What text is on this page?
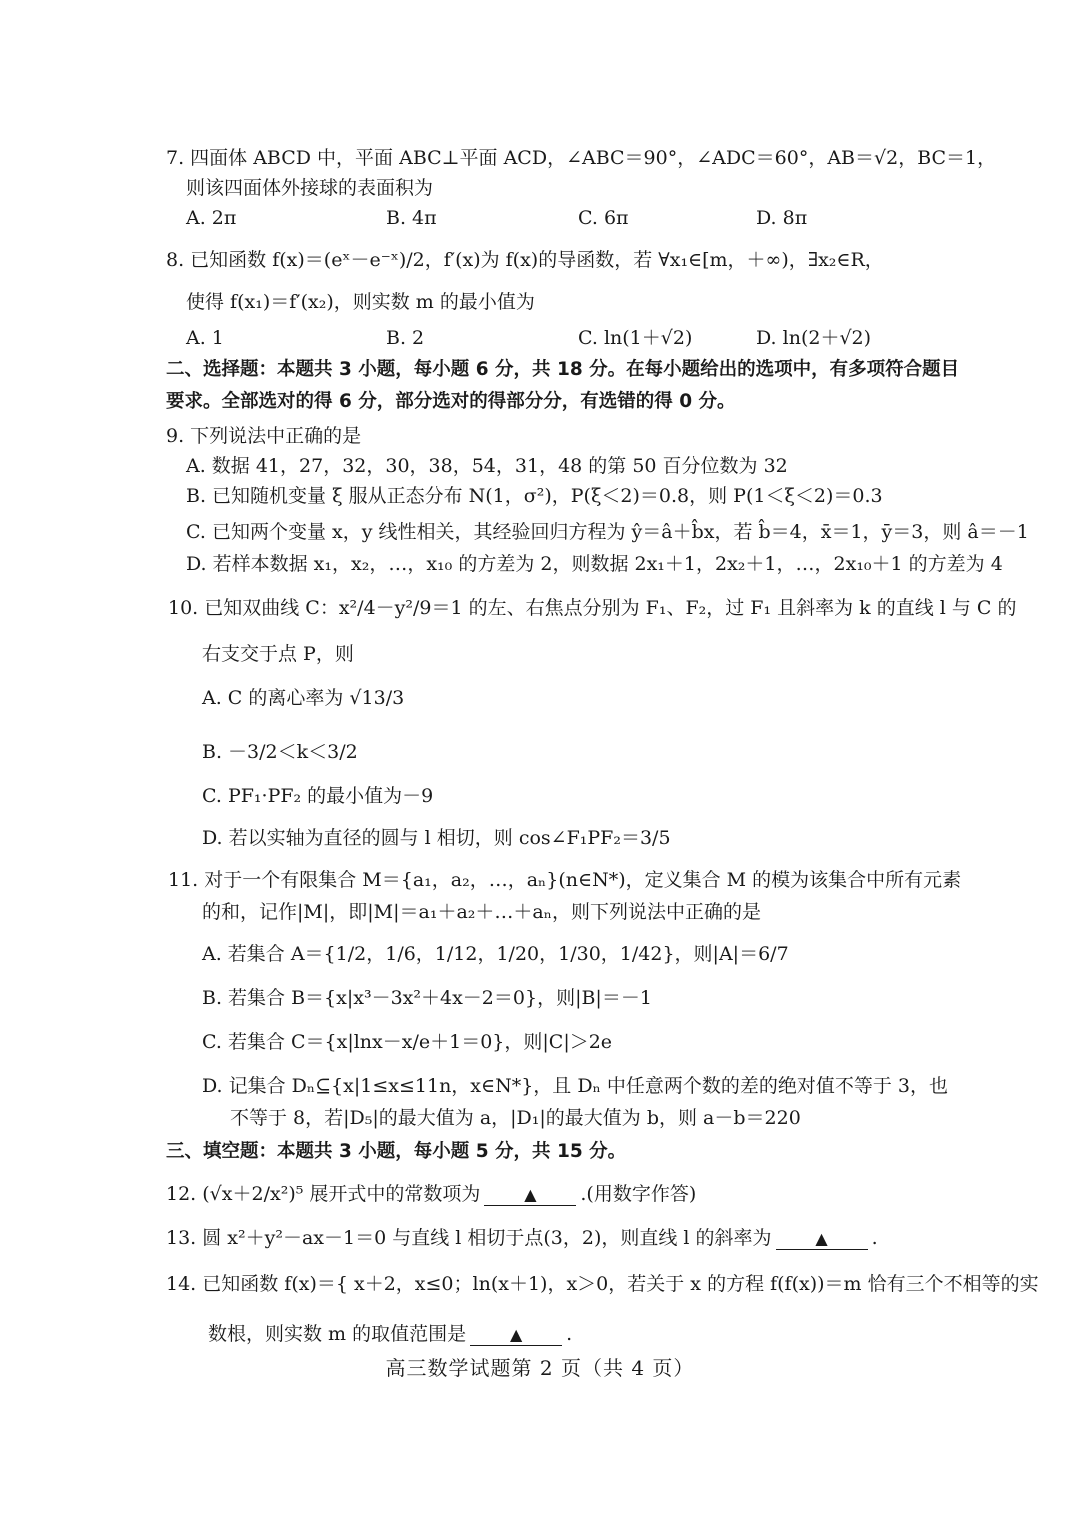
7. 四面体 ABCD 中，平面 ABC⊥平面 ACD，∠ABC＝90°，∠ADC＝60°，AB＝√2，BC＝1，
则该四面体外接球的表面积为
A. 2π	B. 4π	C. 6π	D. 8π
8. 已知函数 f(x)＝(eˣ－e⁻ˣ)/2，f′(x)为 f(x)的导函数，若 ∀x₁∈[m，＋∞)，∃x₂∈R，
使得 f(x₁)＝f′(x₂)，则实数 m 的最小值为
A. 1	B. 2	C. ln(1＋√2)	D. ln(2＋√2)
二、选择题：本题共 3 小题，每小题 6 分，共 18 分。在每小题给出的选项中，有多项符合题目
要求。全部选对的得 6 分，部分选对的得部分分，有选错的得 0 分。
9. 下列说法中正确的是
A. 数据 41，27，32，30，38，54，31，48 的第 50 百分位数为 32
B. 已知随机变量 ξ 服从正态分布 N(1，σ²)，P(ξ＜2)＝0.8，则 P(1＜ξ＜2)＝0.3
C. 已知两个变量 x，y 线性相关，其经验回归方程为 ŷ＝â＋b̂x，若 b̂＝4，x̄＝1，ȳ＝3，则 â＝－1
D. 若样本数据 x₁，x₂，…，x₁₀ 的方差为 2，则数据 2x₁＋1，2x₂＋1，…，2x₁₀＋1 的方差为 4
10. 已知双曲线 C：x²/4－y²/9＝1 的左、右焦点分别为 F₁、F₂，过 F₁ 且斜率为 k 的直线 l 与 C 的
右支交于点 P，则
A. C 的离心率为 √13/3
B. －3/2＜k＜3/2
C. PF₁·PF₂ 的最小值为－9
D. 若以实轴为直径的圆与 l 相切，则 cos∠F₁PF₂＝3/5
11. 对于一个有限集合 M＝{a₁，a₂，…，aₙ}(n∈N*)，定义集合 M 的模为该集合中所有元素
的和，记作|M|，即|M|＝a₁＋a₂＋…＋aₙ，则下列说法中正确的是
A. 若集合 A＝{1/2，1/6，1/12，1/20，1/30，1/42}，则|A|＝6/7
B. 若集合 B＝{x|x³－3x²＋4x－2＝0}，则|B|＝－1
C. 若集合 C＝{x|lnx－x/e＋1＝0}，则|C|＞2e
D. 记集合 Dₙ⊆{x|1≤x≤11n，x∈N*}，且 Dₙ 中任意两个数的差的绝对值不等于 3，也
不等于 8，若|D₅|的最大值为 a，|D₁|的最大值为 b，则 a－b＝220
三、填空题：本题共 3 小题，每小题 5 分，共 15 分。
12. (√x＋2/x²)⁵ 展开式中的常数项为	▲ .(用数字作答)
13. 圆 x²＋y²－ax－1＝0 与直线 l 相切于点(3，2)，则直线 l 的斜率为	▲ .
14. 已知函数 f(x)＝{ x＋2，x≤0；ln(x＋1)，x＞0，若关于 x 的方程 f(f(x))＝m 恰有三个不相等的实
数根，则实数 m 的取值范围是	▲ .
高三数学试题第 2 页（共 4 页）
